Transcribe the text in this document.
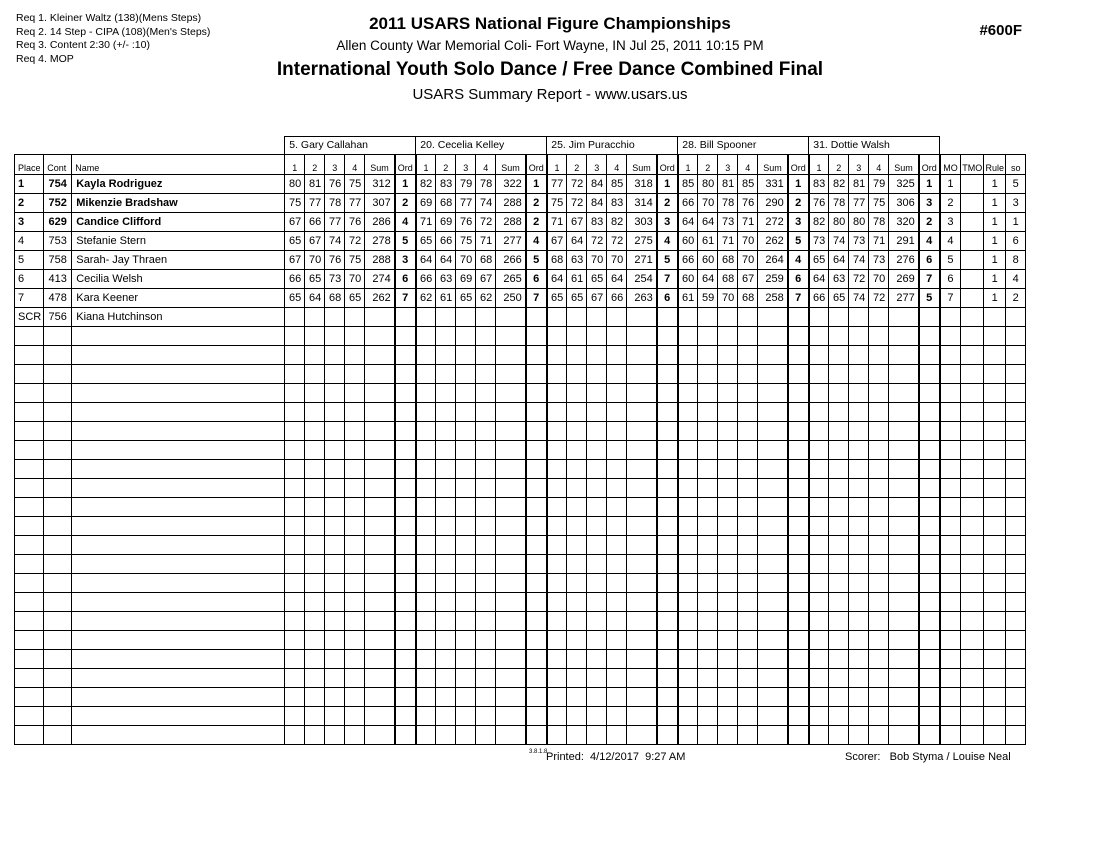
Req 1. Kleiner Waltz (138)(Mens Steps)
Req 2. 14 Step - CIPA (108)(Men's Steps)
Req 3. Content 2:30 (+/- :10)
Req 4. MOP
2011 USARS National Figure Championships
Allen County War Memorial Coli- Fort Wayne, IN Jul 25, 2011 10:15 PM
International Youth Solo Dance / Free Dance Combined Final
USARS Summary Report - www.usars.us
#600F
			5. Gary Callahan						20. Cecelia Kelley						25. Jim Puracchio						28. Bill Spooner						31. Dottie Walsh									
Place	Cont	Name	1	2	3	4	Sum	Ord	1	2	3	4	Sum	Ord	1	2	3	4	Sum	Ord	1	2	3	4	Sum	Ord	1	2	3	4	Sum	Ord	MO	TMO	Rule	so
1	754	Kayla Rodriguez	80	81	76	75	312	1	82	83	79	78	322	1	77	72	84	85	318	1	85	80	81	85	331	1	83	82	81	79	325	1	1		1	5
2	752	Mikenzie Bradshaw	75	77	78	77	307	2	69	68	77	74	288	2	75	72	84	83	314	2	66	70	78	76	290	2	76	78	77	75	306	3	2		1	3
3	629	Candice Clifford	67	66	77	76	286	4	71	69	76	72	288	2	71	67	83	82	303	3	64	64	73	71	272	3	82	80	80	78	320	2	3		1	1
4	753	Stefanie Stern	65	67	74	72	278	5	65	66	75	71	277	4	67	64	72	72	275	4	60	61	71	70	262	5	73	74	73	71	291	4	4		1	6
5	758	Sarah- Jay Thraen	67	70	76	75	288	3	64	64	70	68	266	5	68	63	70	70	271	5	66	60	68	70	264	4	65	64	74	73	276	6	5		1	8
6	413	Cecilia Welsh	66	65	73	70	274	6	66	63	69	67	265	6	64	61	65	64	254	7	60	64	68	67	259	6	64	63	72	70	269	7	6		1	4
7	478	Kara Keener	65	64	68	65	262	7	62	61	65	62	250	7	65	65	67	66	263	6	61	59	70	68	258	7	66	65	74	72	277	5	7		1	2
SCR	756	Kiana Hutchinson																																		

3.8.1.8
Printed:  4/12/2017  9:27 AM	Scorer:   Bob Styma / Louise Neal
